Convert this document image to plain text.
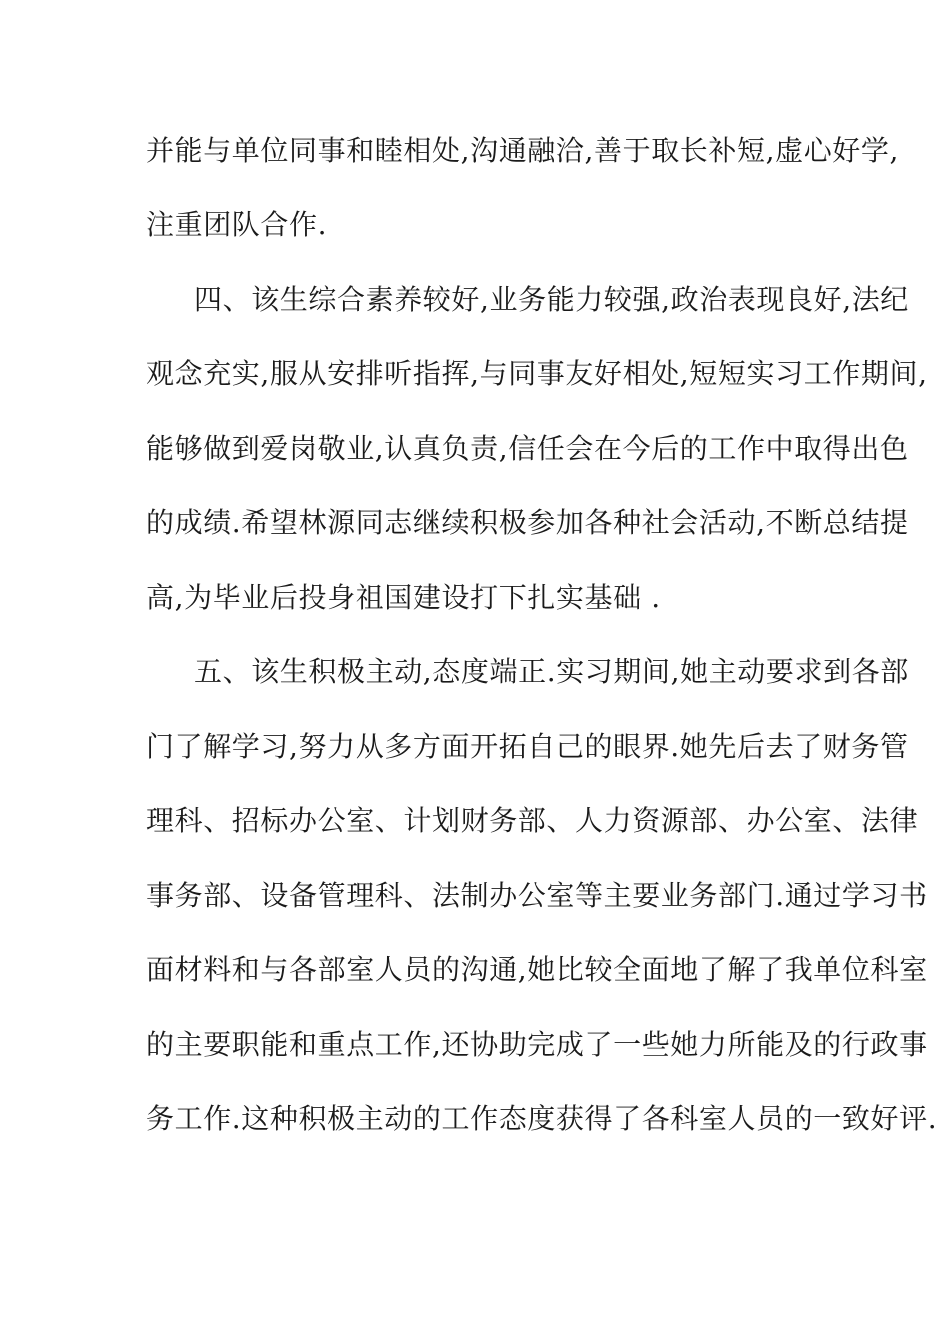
并能与单位同事和睦相处,沟通融洽,善于取长补短,虚心好学,
注重团队合作.
四、该生综合素养较好,业务能力较强,政治表现良好,法纪
观念充实,服从安排听指挥,与同事友好相处,短短实习工作期间,
能够做到爱岗敬业,认真负责,信任会在今后的工作中取得出色
的成绩.希望林源同志继续积极参加各种社会活动,不断总结提
高,为毕业后投身祖国建设打下扎实基础 .
五、该生积极主动,态度端正.实习期间,她主动要求到各部
门了解学习,努力从多方面开拓自己的眼界.她先后去了财务管
理科、招标办公室、计划财务部、人力资源部、办公室、法律
事务部、设备管理科、法制办公室等主要业务部门.通过学习书
面材料和与各部室人员的沟通,她比较全面地了解了我单位科室
的主要职能和重点工作,还协助完成了一些她力所能及的行政事
务工作.这种积极主动的工作态度获得了各科室人员的一致好评.
